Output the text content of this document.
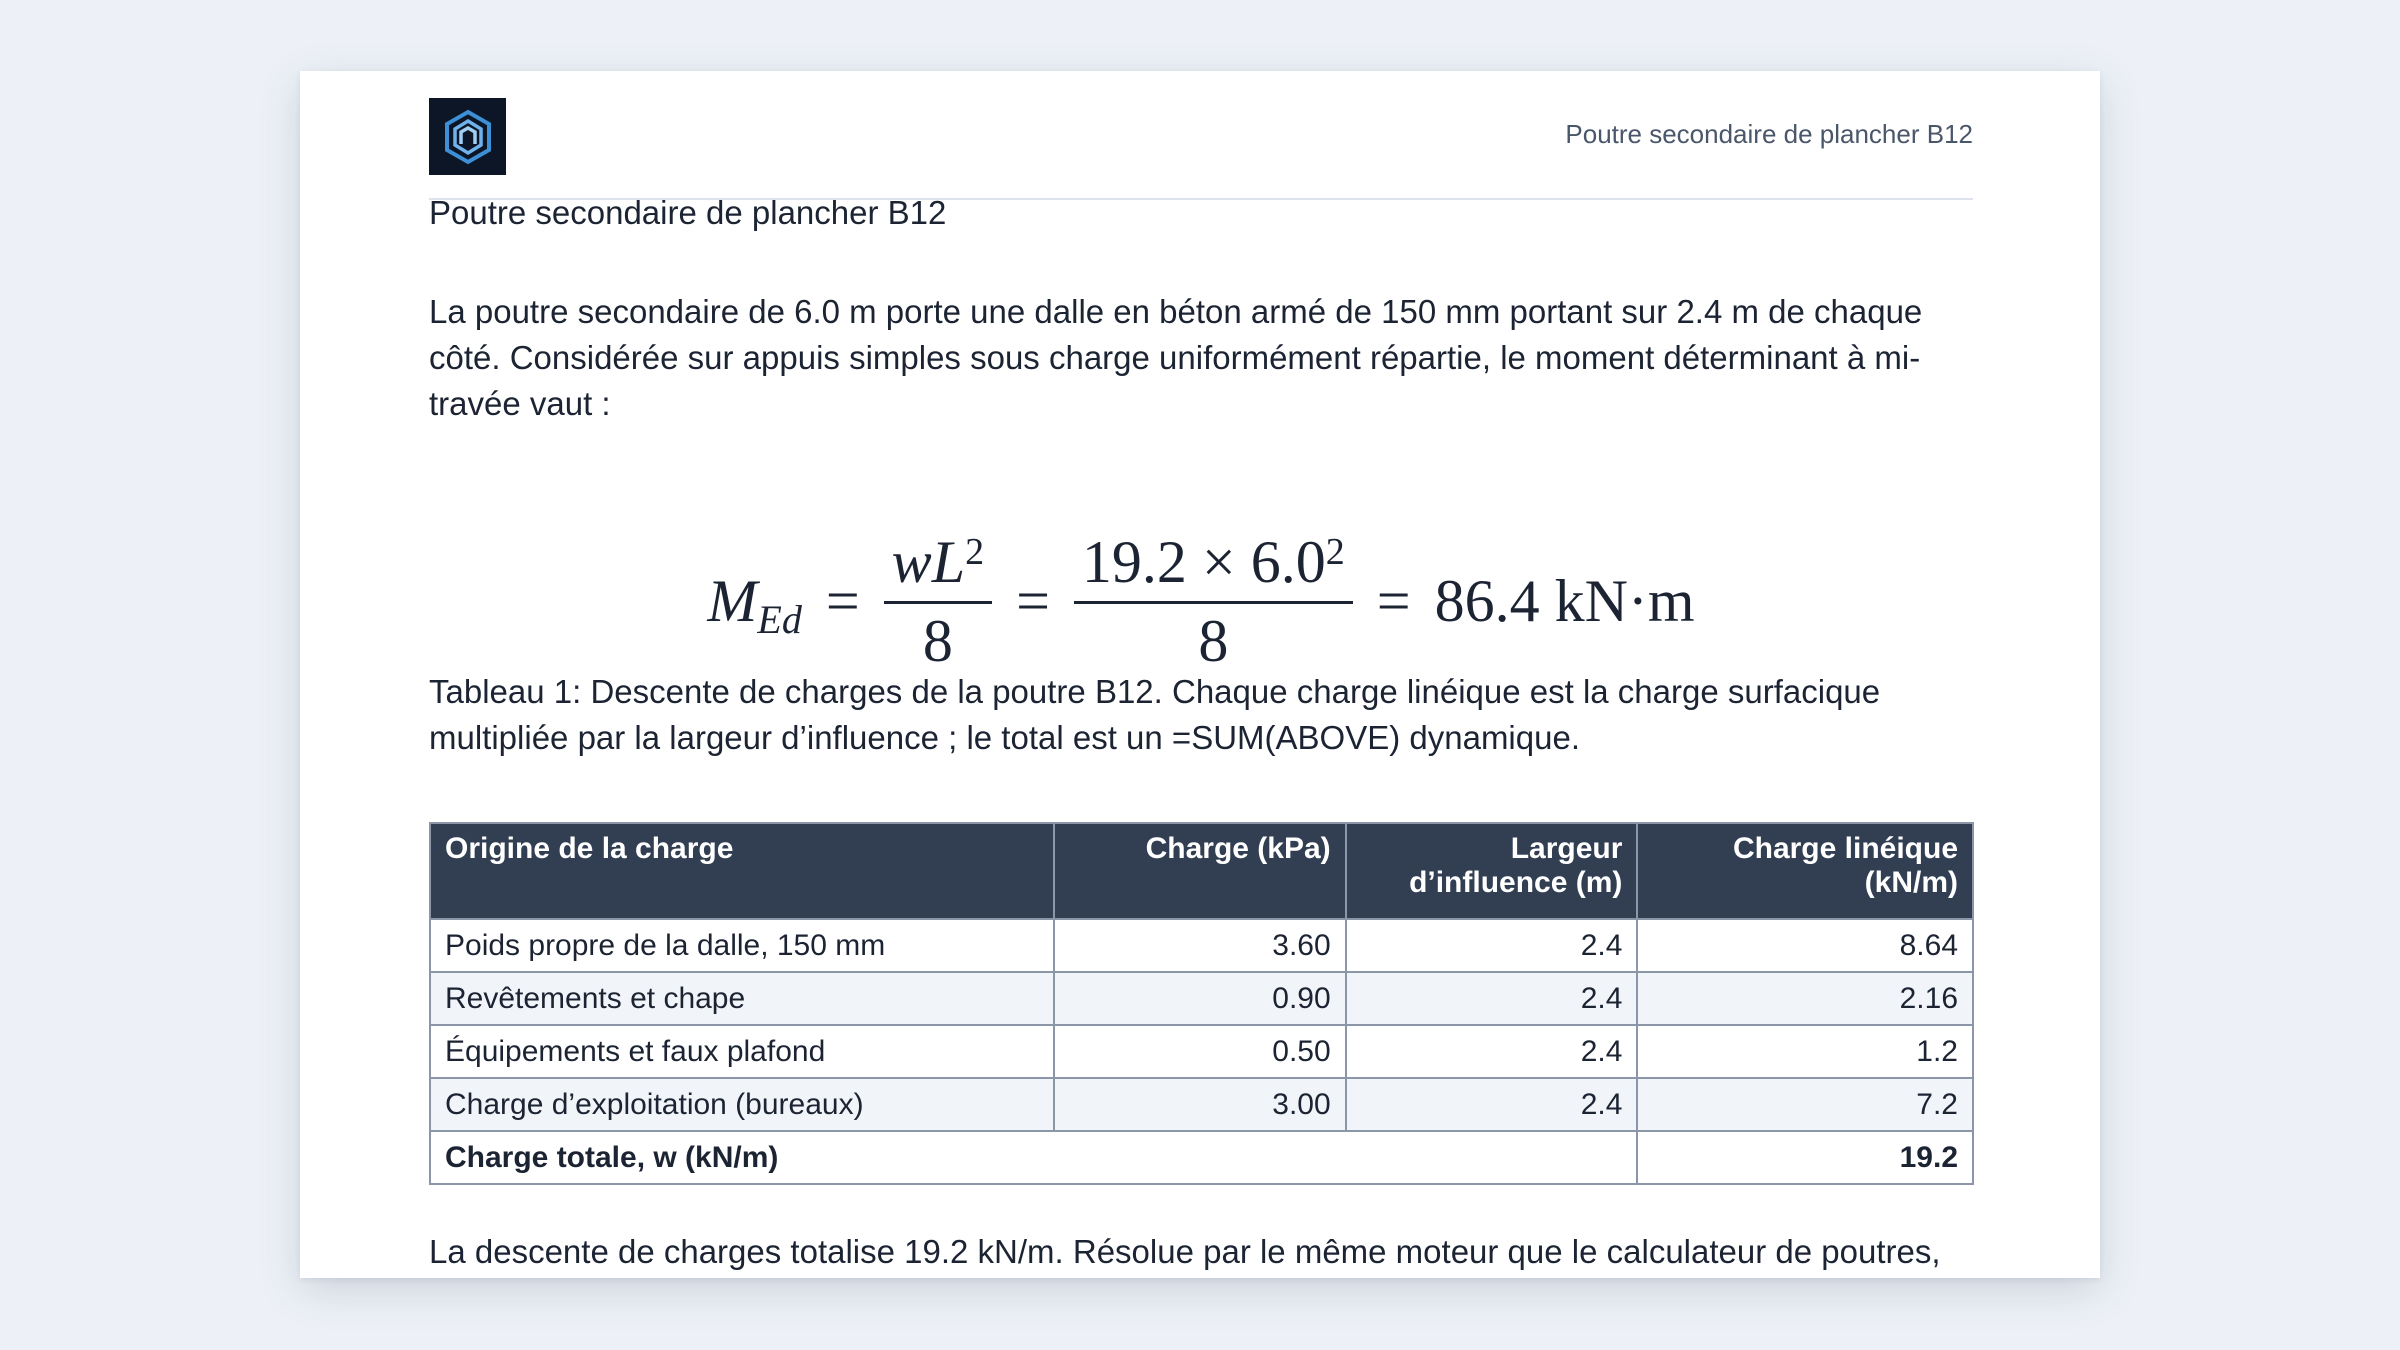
Poutre secondaire de plancher B12
Poutre secondaire de plancher B12
La poutre secondaire de 6.0 m porte une dalle en béton armé de 150 mm portant sur 2.4 m de chaque côté. Considérée sur appuis simples sous charge uniformément répartie, le moment déterminant à mi-travée vaut :
M $Ed = \frac{wL^2}{8} = \frac{19.2 \times 6.0^2}{8} = 86.4$ kN·m
Tableau 1: Descente de charges de la poutre B12. Chaque charge linéique est la charge surfacique multipliée par la largeur d’influence ; le total est un =SUM(ABOVE) dynamique.
Origine de la charge	Charge (kPa)	Largeur d’influence (m)	Charge linéique (kN/m)
Poids propre de la dalle, 150 mm	3.60	2.4	8.64
Revêtements et chape	0.90	2.4	2.16
Équipements et faux plafond	0.50	2.4	1.2
Charge d’exploitation (bureaux)	3.00	2.4	7.2
Charge totale, w (kN/m)			19.2
La descente de charges totalise 19.2 kN/m. Résolue par le même moteur que le calculateur de poutres,
